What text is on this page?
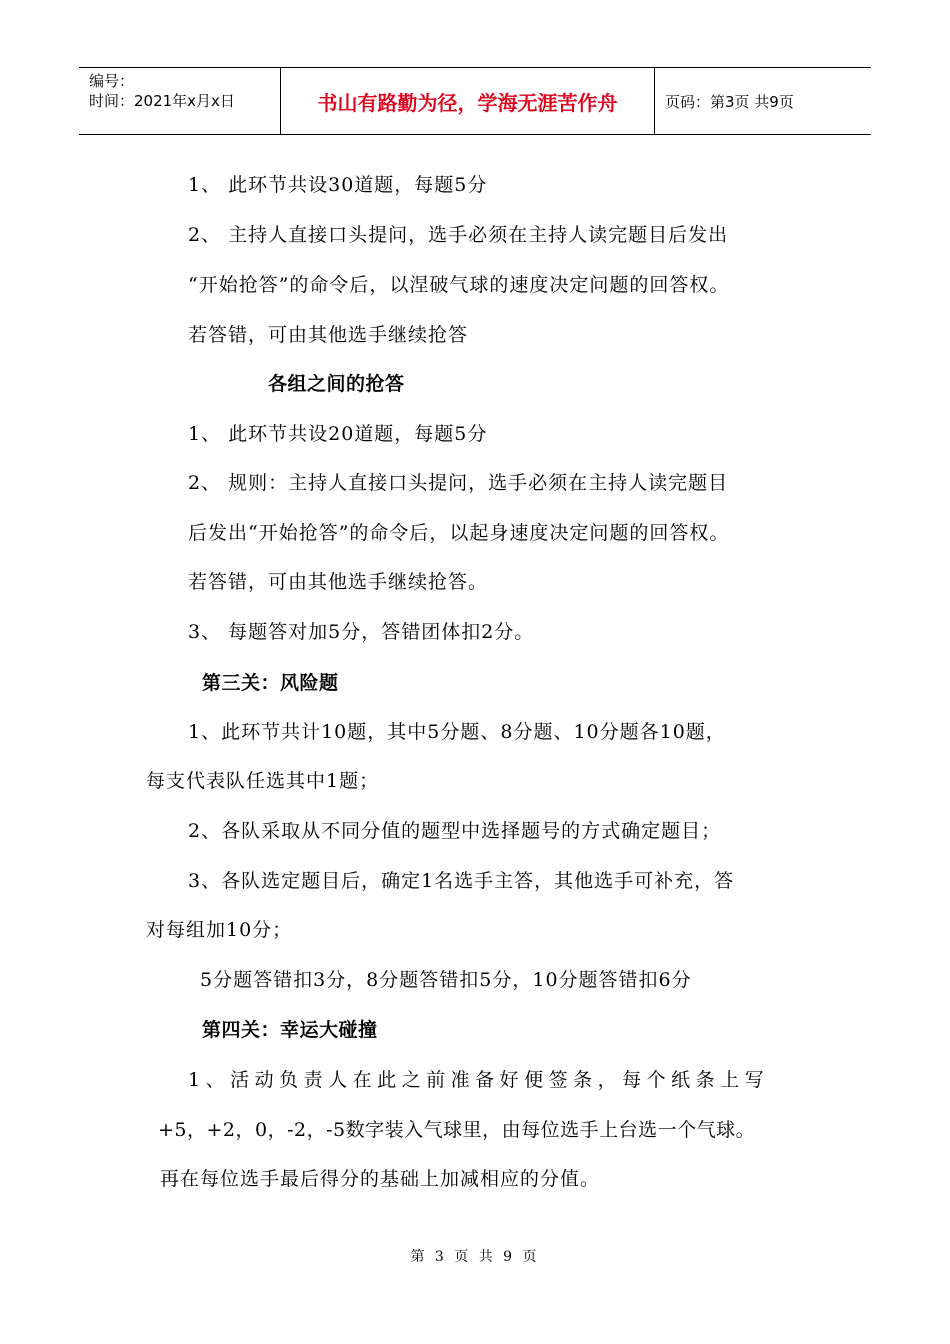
编号：
时间：2021年x月x日	书山有路勤为径，学海无涯苦作舟	页码：第3页 共9页
1、 此环节共设30道题，每题5分
2、 主持人直接口头提问，选手必须在主持人读完题目后发出
“开始抢答”的命令后，以涅破气球的速度决定问题的回答权。
若答错，可由其他选手继续抢答
各组之间的抢答
1、 此环节共设20道题，每题5分
2、 规则：主持人直接口头提问，选手必须在主持人读完题目
后发出“开始抢答”的命令后，以起身速度决定问题的回答权。
若答错，可由其他选手继续抢答。
3、 每题答对加5分，答错团体扣2分。
第三关：风险题
1、此环节共计10题，其中5分题、8分题、10分题各10题，
每支代表队任选其中1题；
2、各队采取从不同分值的题型中选择题号的方式确定题目；
3、各队选定题目后，确定1名选手主答，其他选手可补充，答
对每组加10分；
5分题答错扣3分，8分题答错扣5分，10分题答错扣6分
第四关：幸运大碰撞
1、活动负责人在此之前准备好便签条，每个纸条上写
+5，+2，0，-2，-5数字装入气球里，由每位选手上台选一个气球。
再在每位选手最后得分的基础上加减相应的分值。
第 3 页 共 9 页
